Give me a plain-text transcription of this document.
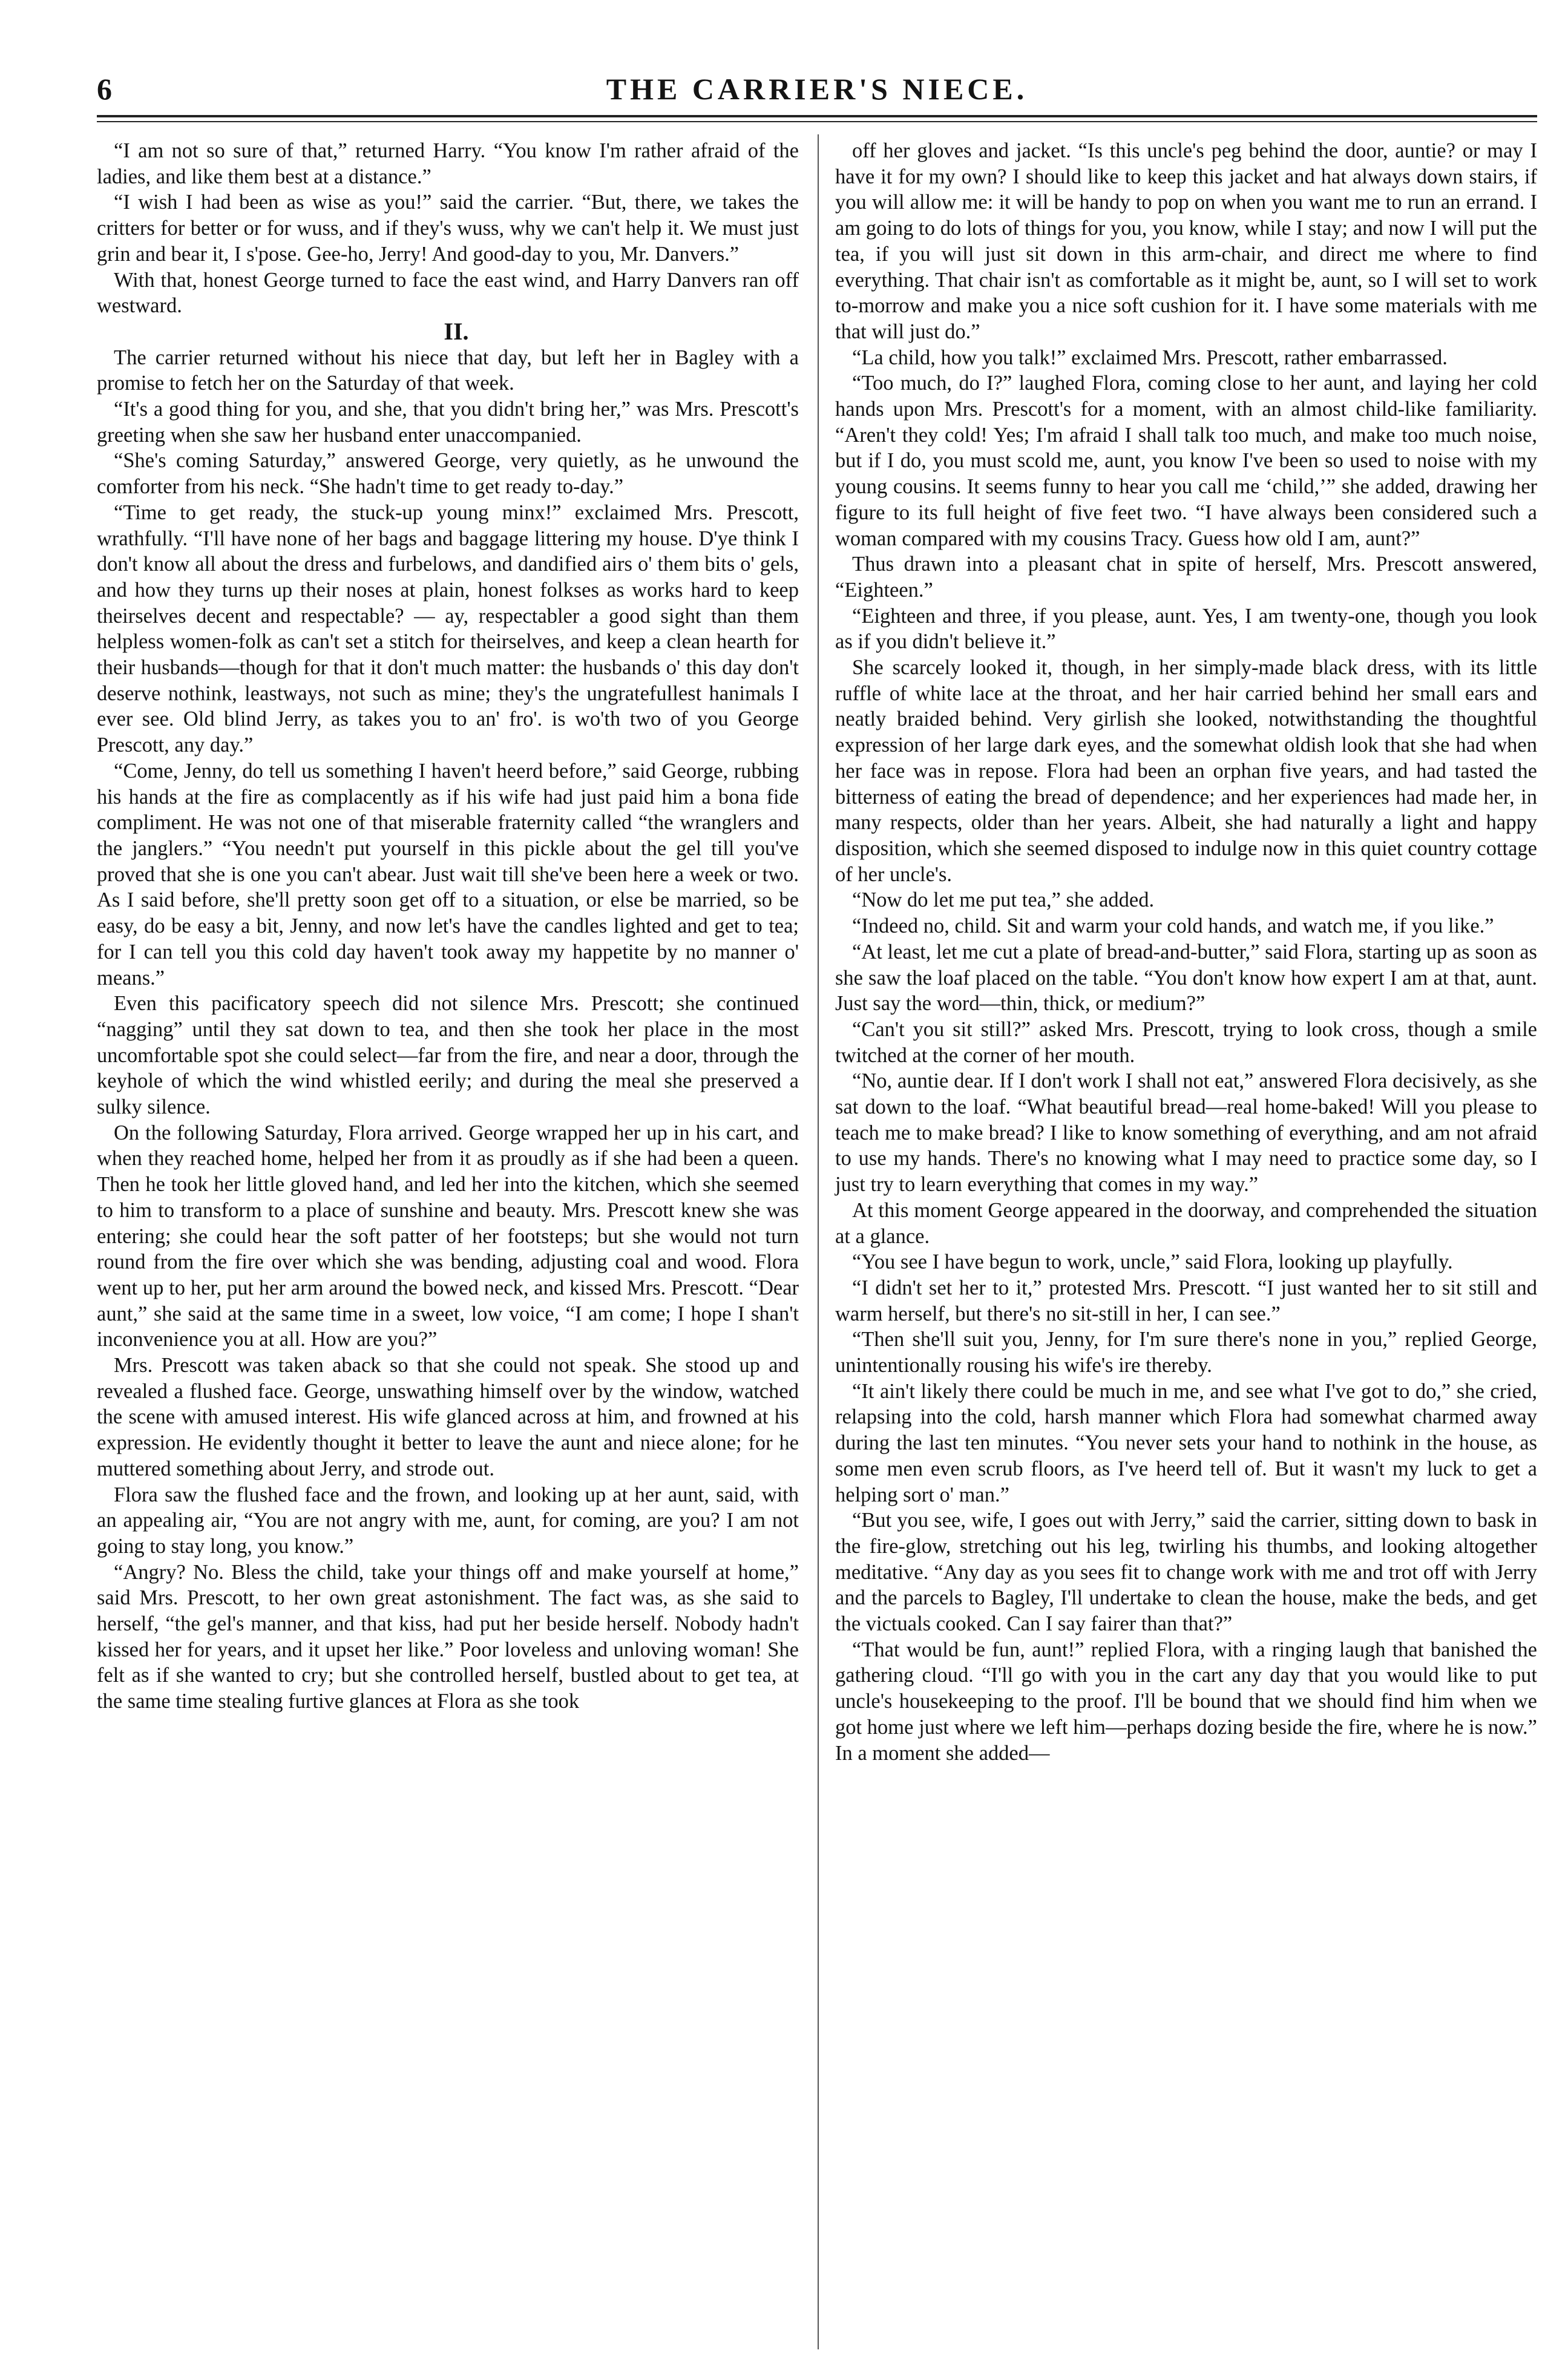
6	THE CARRIER'S NIECE.

“I am not so sure of that,” returned Harry. “You know I'm rather afraid of the ladies, and like them best at a distance.”

“I wish I had been as wise as you!” said the carrier. “But, there, we takes the critters for better or for wuss, and if they's wuss, why we can't help it. We must just grin and bear it, I s'pose. Gee-ho, Jerry! And good-day to you, Mr. Danvers.”

With that, honest George turned to face the east wind, and Harry Danvers ran off westward.

II.

The carrier returned without his niece that day, but left her in Bagley with a promise to fetch her on the Saturday of that week.

“It's a good thing for you, and she, that you didn't bring her,” was Mrs. Prescott's greeting when she saw her husband enter unaccompanied.

“She's coming Saturday,” answered George, very quietly, as he unwound the comforter from his neck. “She hadn't time to get ready to-day.”

“Time to get ready, the stuck-up young minx!” exclaimed Mrs. Prescott, wrathfully. “I'll have none of her bags and baggage littering my house. D'ye think I don't know all about the dress and furbelows, and dandified airs o' them bits o' gels, and how they turns up their noses at plain, honest folkses as works hard to keep theirselves decent and respectable? — ay, respectabler a good sight than them helpless women-folk as can't set a stitch for theirselves, and keep a clean hearth for their husbands—though for that it don't much matter: the husbands o' this day don't deserve nothink, leastways, not such as mine; they's the ungratefullest hanimals I ever see. Old blind Jerry, as takes you to an' fro'. is wo'th two of you George Prescott, any day.”

“Come, Jenny, do tell us something I haven't heerd before,” said George, rubbing his hands at the fire as complacently as if his wife had just paid him a bona fide compliment. He was not one of that miserable fraternity called “the wranglers and the janglers.” “You needn't put yourself in this pickle about the gel till you've proved that she is one you can't abear. Just wait till she've been here a week or two. As I said before, she'll pretty soon get off to a situation, or else be married, so be easy, do be easy a bit, Jenny, and now let's have the candles lighted and get to tea; for I can tell you this cold day haven't took away my happetite by no manner o' means.”

Even this pacificatory speech did not silence Mrs. Prescott; she continued “nagging” until they sat down to tea, and then she took her place in the most uncomfortable spot she could select—far from the fire, and near a door, through the keyhole of which the wind whistled eerily; and during the meal she preserved a sulky silence.

On the following Saturday, Flora arrived. George wrapped her up in his cart, and when they reached home, helped her from it as proudly as if she had been a queen. Then he took her little gloved hand, and led her into the kitchen, which she seemed to him to transform to a place of sunshine and beauty. Mrs. Prescott knew she was entering; she could hear the soft patter of her footsteps; but she would not turn round from the fire over which she was bending, adjusting coal and wood. Flora went up to her, put her arm around the bowed neck, and kissed Mrs. Prescott. “Dear aunt,” she said at the same time in a sweet, low voice, “I am come; I hope I shan't inconvenience you at all. How are you?”

Mrs. Prescott was taken aback so that she could not speak. She stood up and revealed a flushed face. George, unswathing himself over by the window, watched the scene with amused interest. His wife glanced across at him, and frowned at his expression. He evidently thought it better to leave the aunt and niece alone; for he muttered something about Jerry, and strode out.

Flora saw the flushed face and the frown, and looking up at her aunt, said, with an appealing air, “You are not angry with me, aunt, for coming, are you? I am not going to stay long, you know.”

“Angry? No. Bless the child, take your things off and make yourself at home,” said Mrs. Prescott, to her own great astonishment. The fact was, as she said to herself, “the gel's manner, and that kiss, had put her beside herself. Nobody hadn't kissed her for years, and it upset her like.” Poor loveless and unloving woman! She felt as if she wanted to cry; but she controlled herself, bustled about to get tea, at the same time stealing furtive glances at Flora as she took

off her gloves and jacket. “Is this uncle's peg behind the door, auntie? or may I have it for my own? I should like to keep this jacket and hat always down stairs, if you will allow me: it will be handy to pop on when you want me to run an errand. I am going to do lots of things for you, you know, while I stay; and now I will put the tea, if you will just sit down in this arm-chair, and direct me where to find everything. That chair isn't as comfortable as it might be, aunt, so I will set to work to-morrow and make you a nice soft cushion for it. I have some materials with me that will just do.”

“La child, how you talk!” exclaimed Mrs. Prescott, rather embarrassed.

“Too much, do I?” laughed Flora, coming close to her aunt, and laying her cold hands upon Mrs. Prescott's for a moment, with an almost child-like familiarity. “Aren't they cold! Yes; I'm afraid I shall talk too much, and make too much noise, but if I do, you must scold me, aunt, you know I've been so used to noise with my young cousins. It seems funny to hear you call me ‘child,’” she added, drawing her figure to its full height of five feet two. “I have always been considered such a woman compared with my cousins Tracy. Guess how old I am, aunt?”

Thus drawn into a pleasant chat in spite of herself, Mrs. Prescott answered, “Eighteen.”

“Eighteen and three, if you please, aunt. Yes, I am twenty-one, though you look as if you didn't believe it.”

She scarcely looked it, though, in her simply-made black dress, with its little ruffle of white lace at the throat, and her hair carried behind her small ears and neatly braided behind. Very girlish she looked, notwithstanding the thoughtful expression of her large dark eyes, and the somewhat oldish look that she had when her face was in repose. Flora had been an orphan five years, and had tasted the bitterness of eating the bread of dependence; and her experiences had made her, in many respects, older than her years. Albeit, she had naturally a light and happy disposition, which she seemed disposed to indulge now in this quiet country cottage of her uncle's.

“Now do let me put tea,” she added.

“Indeed no, child. Sit and warm your cold hands, and watch me, if you like.”

“At least, let me cut a plate of bread-and-butter,” said Flora, starting up as soon as she saw the loaf placed on the table. “You don't know how expert I am at that, aunt. Just say the word—thin, thick, or medium?”

“Can't you sit still?” asked Mrs. Prescott, trying to look cross, though a smile twitched at the corner of her mouth.

“No, auntie dear. If I don't work I shall not eat,” answered Flora decisively, as she sat down to the loaf. “What beautiful bread—real home-baked! Will you please to teach me to make bread? I like to know something of everything, and am not afraid to use my hands. There's no knowing what I may need to practice some day, so I just try to learn everything that comes in my way.”

At this moment George appeared in the doorway, and comprehended the situation at a glance.

“You see I have begun to work, uncle,” said Flora, looking up playfully.

“I didn't set her to it,” protested Mrs. Prescott. “I just wanted her to sit still and warm herself, but there's no sit-still in her, I can see.”

“Then she'll suit you, Jenny, for I'm sure there's none in you,” replied George, unintentionally rousing his wife's ire thereby.

“It ain't likely there could be much in me, and see what I've got to do,” she cried, relapsing into the cold, harsh manner which Flora had somewhat charmed away during the last ten minutes. “You never sets your hand to nothink in the house, as some men even scrub floors, as I've heerd tell of. But it wasn't my luck to get a helping sort o' man.”

“But you see, wife, I goes out with Jerry,” said the carrier, sitting down to bask in the fire-glow, stretching out his leg, twirling his thumbs, and looking altogether meditative. “Any day as you sees fit to change work with me and trot off with Jerry and the parcels to Bagley, I'll undertake to clean the house, make the beds, and get the victuals cooked. Can I say fairer than that?”

“That would be fun, aunt!” replied Flora, with a ringing laugh that banished the gathering cloud. “I'll go with you in the cart any day that you would like to put uncle's housekeeping to the proof. I'll be bound that we should find him when we got home just where we left him—perhaps dozing beside the fire, where he is now.” In a moment she added—
